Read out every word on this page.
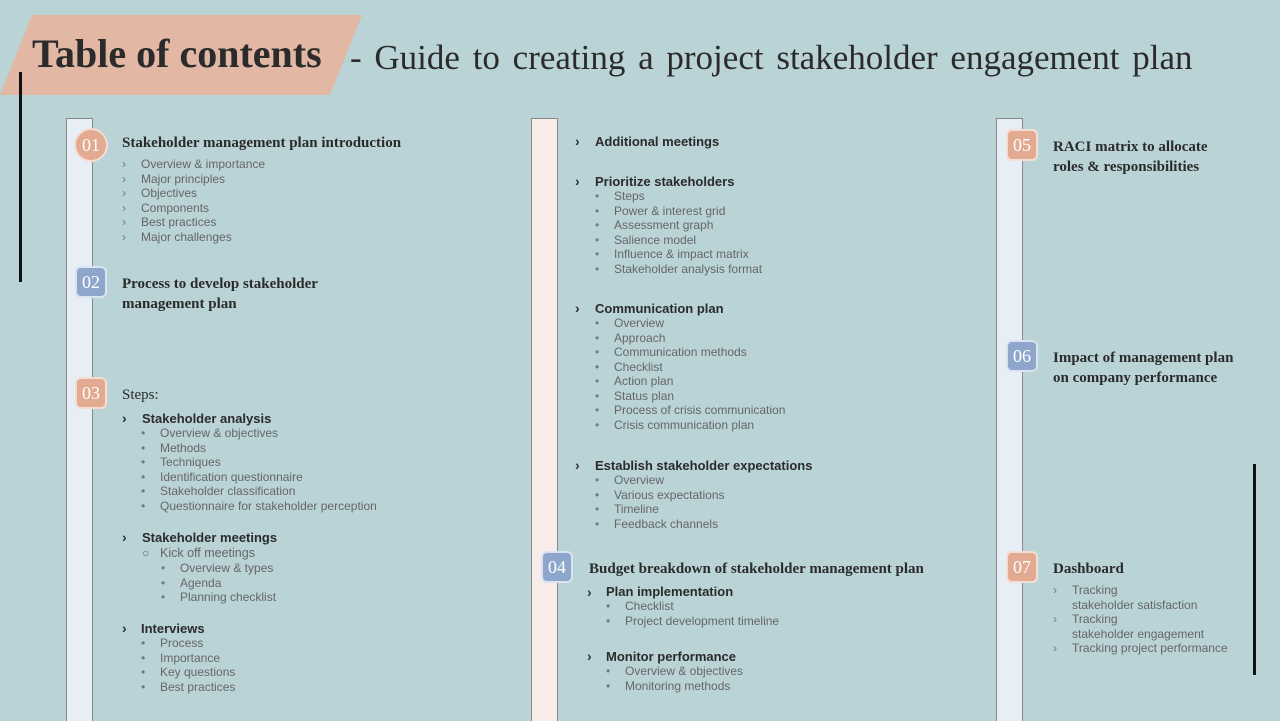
Table of contents - Guide to creating a project stakeholder engagement plan
01	Stakeholder management plan introduction
› Overview & importance
› Major principles
› Objectives
› Components
› Best practices
› Major challenges
02	Process to develop stakeholder
management plan
03	Steps:
› Stakeholder analysis
• Overview & objectives
• Methods
• Techniques
• Identification questionnaire
• Stakeholder classification
• Questionnaire for stakeholder perception
› Stakeholder meetings
○ Kick off meetings
• Overview & types
• Agenda
• Planning checklist
› Interviews
• Process
• Importance
• Key questions
• Best practices
› Additional meetings
› Prioritize stakeholders
• Steps
• Power & interest grid
• Assessment graph
• Salience model
• Influence & impact matrix
• Stakeholder analysis format
› Communication plan
• Overview
• Approach
• Communication methods
• Checklist
• Action plan
• Status plan
• Process of crisis communication
• Crisis communication plan
› Establish stakeholder expectations
• Overview
• Various expectations
• Timeline
• Feedback channels
04	Budget breakdown of stakeholder management plan
› Plan implementation
• Checklist
• Project development timeline
› Monitor performance
• Overview & objectives
• Monitoring methods
05	RACI matrix to allocate
roles & responsibilities
06	Impact of management plan
on company performance
07	Dashboard
› Tracking
stakeholder satisfaction
› Tracking
stakeholder engagement
› Tracking project performance
